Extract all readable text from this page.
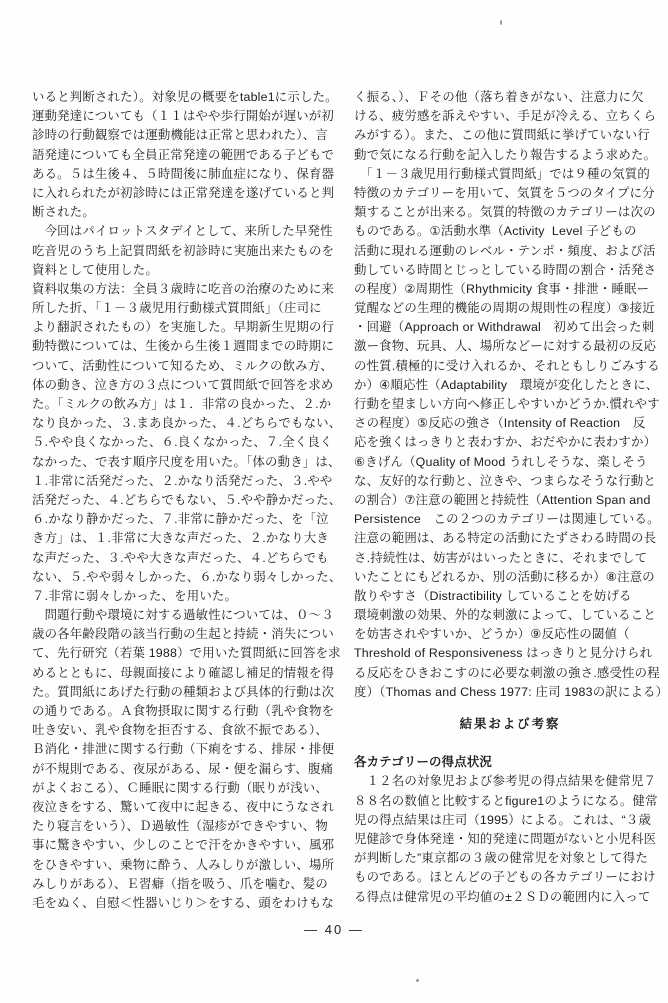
いると判断された）。対象児の概要をtable1に示した。
運動発達についても（１１はやや歩行開始が遅いが初
診時の行動観察では運動機能は正常と思われた）、言
語発達についても全員正常発達の範囲である子どもで
ある。５は生後４、５時間後に肺血症になり、保育器
に入れられたが初診時には正常発達を遂げていると判
断された。
　今回はパイロットスタデイとして、来所した早発性
吃音児のうち上記質問紙を初診時に実施出来たものを
資料として使用した。
資料収集の方法：全員３歳時に吃音の治療のために来
所した折、「１－３歳児用行動様式質問紙」（庄司に
より翻訳されたもの）を実施した。早期新生児期の行
動特徴については、生後から生後１週間までの時期に
ついて、活動性について知るため、ミルクの飲み方、
体の動き、泣き方の３点について質問紙で回答を求め
た。「ミルクの飲み方」は１．非常の良かった、２.か
なり良かった、３.まあ良かった、４.どちらでもない、
５.やや良くなかった、６.良くなかった、７.全く良く
なかった、で表す順序尺度を用いた。「体の動き」は、
１.非常に活発だった、２.かなり活発だった、３.やや
活発だった、４.どちらでもない、５.やや静かだった、
６.かなり静かだった、７.非常に静かだった、を「泣
き方」は、１.非常に大きな声だった、２.かなり大き
な声だった、３.やや大きな声だった、４.どちらでも
ない、５.やや弱々しかった、６.かなり弱々しかった、
７.非常に弱々しかった、を用いた。
　問題行動や環境に対する過敏性については、０～３
歳の各年齢段階の該当行動の生起と持続・消失につい
て、先行研究（若葉 1988）で用いた質問紙に回答を求
めるとともに、母親面接により確認し補足的情報を得
た。質問紙にあげた行動の種類および具体的行動は次
の通りである。Ａ食物摂取に関する行動（乳や食物を
吐き安い、乳や食物を拒否する、食欲不振である）、
Ｂ消化・排泄に関する行動（下痢をする、排尿・排便
が不規則である、夜尿がある、尿・便を漏らす、腹痛
がよくおこる）、Ｃ睡眠に関する行動（眠りが浅い、
夜泣きをする、驚いて夜中に起きる、夜中にうなされ
たり寝言をいう）、Ｄ過敏性（湿疹ができやすい、物
事に驚きやすい、少しのことで汗をかきやすい、風邪
をひきやすい、乗物に酔う、人みしりが激しい、場所
みしりがある）、Ｅ習癖（指を吸う、爪を噛む、髪の
毛をぬく、自慰＜性器いじり＞をする、頭をわけもな
く振る、）、Ｆその他（落ち着きがない、注意力に欠
ける、疲労感を訴えやすい、手足が冷える、立ちくら
みがする）。また、この他に質問紙に挙げていない行
動で気になる行動を記入したり報告するよう求めた。
　「１－３歳児用行動様式質問紙」では９種の気質的
特徴のカテゴリーを用いて、気質を５つのタイプに分
類することが出来る。気質的特徴のカテゴリーは次の
ものである。①活動水準（Activity  Level 子どもの
活動に現れる運動のレベル・テンポ・頻度、および活
動している時間とじっとしている時間の割合・活発さ
の程度）②周期性（Rhythmicity 食事・排泄・睡眠ー
覚醒などの生理的機能の周期の規則性の程度）③接近
・回避（Approach or Withdrawal　初めて出会った刺
激ー食物、玩具、人、場所などーに対する最初の反応
の性質.積極的に受け入れるか、それともしりごみする
か）④順応性（Adaptability　環境が変化したときに、
行動を望ましい方向へ修正しやすいかどうか.慣れやす
さの程度）⑤反応の強さ（Intensity of Reaction　反
応を強くはっきりと表わすか、おだやかに表わすか）
⑥きげん（Quality of Mood うれしそうな、楽しそう
な、友好的な行動と、泣きや、つまらなそうな行動と
の割合）⑦注意の範囲と持続性（Attention Span and
Persistence　この２つのカテゴリーは関連している。
注意の範囲は、ある特定の活動にたずさわる時間の長
さ.持続性は、妨害がはいったときに、それまでして
いたことにもどれるか、別の活動に移るか）⑧注意の
散りやすさ（Distractibility していることを妨げる
環境刺激の効果、外的な刺激によって、していること
を妨害されやすいか、どうか）⑨反応性の閾値（
Threshold of Responsiveness はっきりと見分けられ
る反応をひきおこすのに必要な刺激の強さ.感受性の程
度）（Thomas and Chess 1977: 庄司 1983の訳による）
結果および考察
各カテゴリーの得点状況
　１２名の対象児および参考児の得点結果を健常児７
８８名の数値と比較するとfigure1のようになる。健常
児の得点結果は庄司（1995）による。これは、“３歳
児健診で身体発達・知的発達に問題がないと小児科医
が判断した”東京都の３歳の健常児を対象として得た
ものである。ほとんどの子どもの各カテゴリーにおけ
る得点は健常児の平均値の±２ＳＤの範囲内に入って
— 40 —
